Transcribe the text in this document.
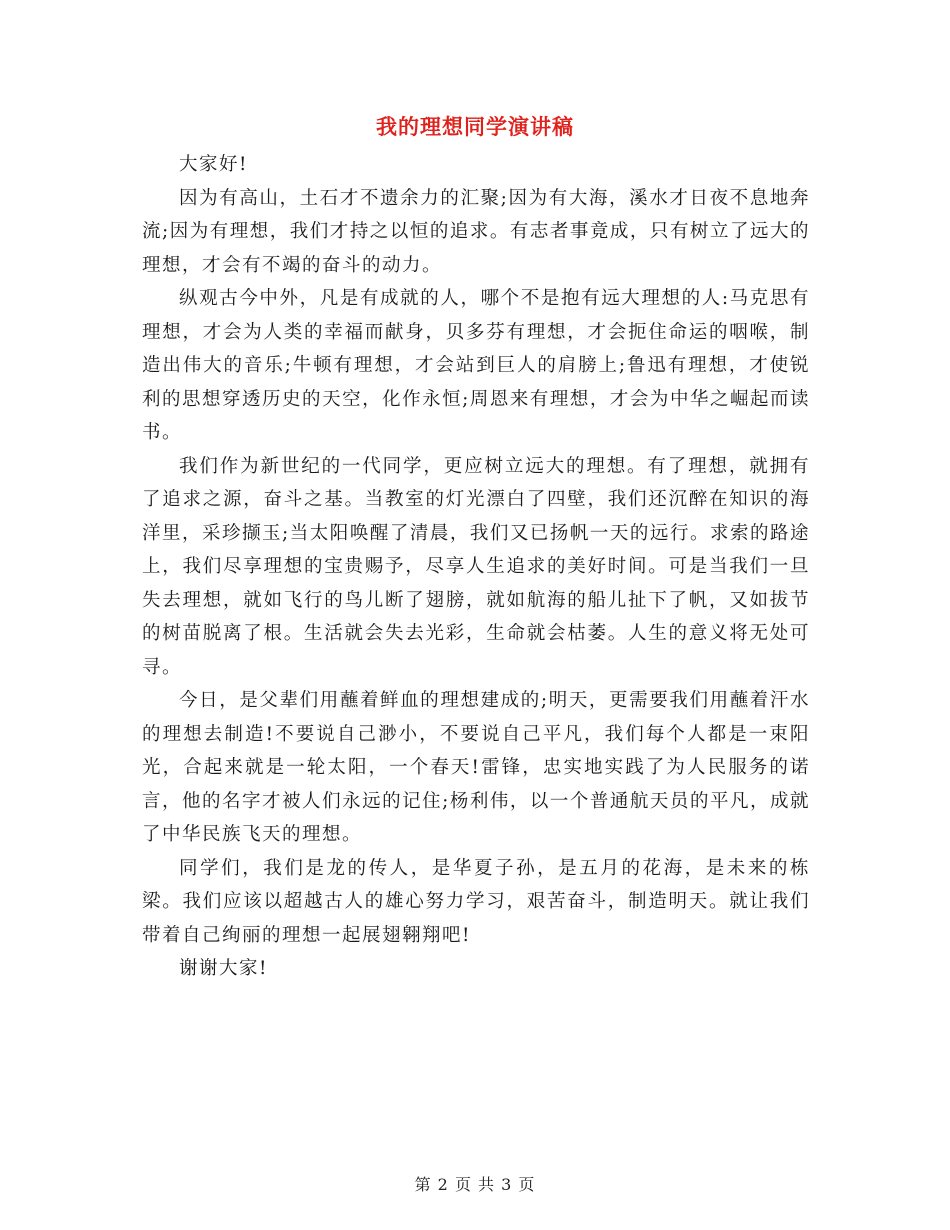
我的理想同学演讲稿

大家好!

因为有高山，土石才不遗余力的汇聚;因为有大海，溪水才日夜不息地奔流;因为有理想，我们才持之以恒的追求。有志者事竟成，只有树立了远大的理想，才会有不竭的奋斗的动力。

纵观古今中外，凡是有成就的人，哪个不是抱有远大理想的人:马克思有理想，才会为人类的幸福而献身，贝多芬有理想，才会扼住命运的咽喉，制造出伟大的音乐;牛顿有理想，才会站到巨人的肩膀上;鲁迅有理想，才使锐利的思想穿透历史的天空，化作永恒;周恩来有理想，才会为中华之崛起而读书。

我们作为新世纪的一代同学，更应树立远大的理想。有了理想，就拥有了追求之源，奋斗之基。当教室的灯光漂白了四壁，我们还沉醉在知识的海洋里，采珍撷玉;当太阳唤醒了清晨，我们又已扬帆一天的远行。求索的路途上，我们尽享理想的宝贵赐予，尽享人生追求的美好时间。可是当我们一旦失去理想，就如飞行的鸟儿断了翅膀，就如航海的船儿扯下了帆，又如拔节的树苗脱离了根。生活就会失去光彩，生命就会枯萎。人生的意义将无处可寻。

今日，是父辈们用蘸着鲜血的理想建成的;明天，更需要我们用蘸着汗水的理想去制造!不要说自己渺小，不要说自己平凡，我们每个人都是一束阳光，合起来就是一轮太阳，一个春天!雷锋，忠实地实践了为人民服务的诺言，他的名字才被人们永远的记住;杨利伟，以一个普通航天员的平凡，成就了中华民族飞天的理想。

同学们，我们是龙的传人，是华夏子孙，是五月的花海，是未来的栋梁。我们应该以超越古人的雄心努力学习，艰苦奋斗，制造明天。就让我们带着自己绚丽的理想一起展翅翱翔吧!

谢谢大家!

第 2 页 共 3 页
